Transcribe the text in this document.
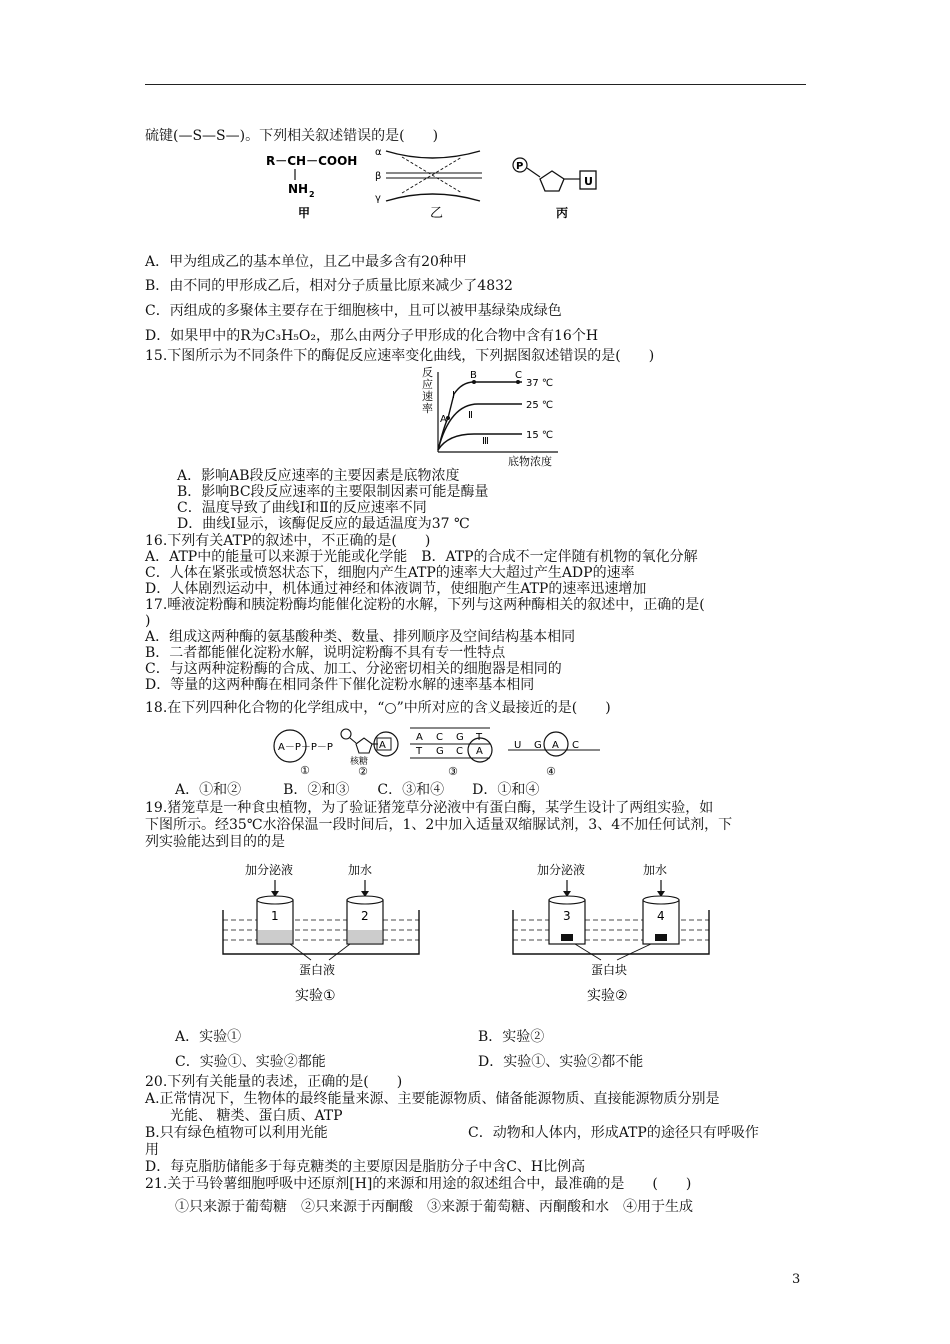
硫键(—S—S—)。下列相关叙述错误的是(　　)
R－CH－COOH
NH 2
甲
α
β
γ
乙
P
U
丙
A．甲为组成乙的基本单位，且乙中最多含有20种甲
B．由不同的甲形成乙后，相对分子质量比原来减少了4832
C．丙组成的多聚体主要存在于细胞核中，且可以被甲基绿染成绿色
D．如果甲中的R为C₃H₅O₂，那么由两分子甲形成的化合物中含有16个H
15.下图所示为不同条件下的酶促反应速率变化曲线，下列据图叙述错误的是(　　)
反
应
速
率
A
B	C
Ⅰ
Ⅱ
Ⅲ
37 ℃
25 ℃
15 ℃
底物浓度
A．影响AB段反应速率的主要因素是底物浓度
B．影响BC段反应速率的主要限制因素可能是酶量
C．温度导致了曲线Ⅰ和Ⅱ的反应速率不同
D．曲线Ⅰ显示，该酶促反应的最适温度为37 ℃
16.下列有关ATP的叙述中，不正确的是(　　)
A．ATP中的能量可以来源于光能或化学能　B．ATP的合成不一定伴随有机物的氧化分解
C．人体在紧张或愤怒状态下，细胞内产生ATP的速率大大超过产生ADP的速率
D．人体剧烈运动中，机体通过神经和体液调节，使细胞产生ATP的速率迅速增加
17.唾液淀粉酶和胰淀粉酶均能催化淀粉的水解，下列与这两种酶相关的叙述中，正确的是(
)
A．组成这两种酶的氨基酸种类、数量、排列顺序及空间结构基本相同
B．二者都能催化淀粉水解，说明淀粉酶不具有专一性特点
C．与这两种淀粉酶的合成、加工、分泌密切相关的细胞器是相同的
D．等量的这两种酶在相同条件下催化淀粉水解的速率基本相同
18.在下列四种化合物的化学组成中，“○”中所对应的含义最接近的是(　　)
A－P－P－P
①
A
核糖
②
A C G T
T G C A
③
U G A C
④
A．①和②　　　B．②和③　　C．③和④　　D．①和④
19.猪笼草是一种食虫植物，为了验证猪笼草分泌液中有蛋白酶，某学生设计了两组实验，如
下图所示。经35℃水浴保温一段时间后，1、2中加入适量双缩脲试剂，3、4不加任何试剂，下
列实验能达到目的的是
加分泌液	加水
1	2
蛋白液
实验①
加分泌液	加水
3	4
蛋白块
实验②
A．实验①	B．实验②
C．实验①、实验②都能	D．实验①、实验②都不能
20.下列有关能量的表述，正确的是(　　)
A.正常情况下，生物体的最终能量来源、主要能源物质、储备能源物质、直接能源物质分别是
光能、 糖类、蛋白质、ATP
B.只有绿色植物可以利用光能	C．动物和人体内，形成ATP的途径只有呼吸作
用
D．每克脂肪储能多于每克糖类的主要原因是脂肪分子中含C、H比例高
21.关于马铃薯细胞呼吸中还原剂[H]的来源和用途的叙述组合中，最准确的是　　(　　)
①只来源于葡萄糖　②只来源于丙酮酸　③来源于葡萄糖、丙酮酸和水　④用于生成
3
